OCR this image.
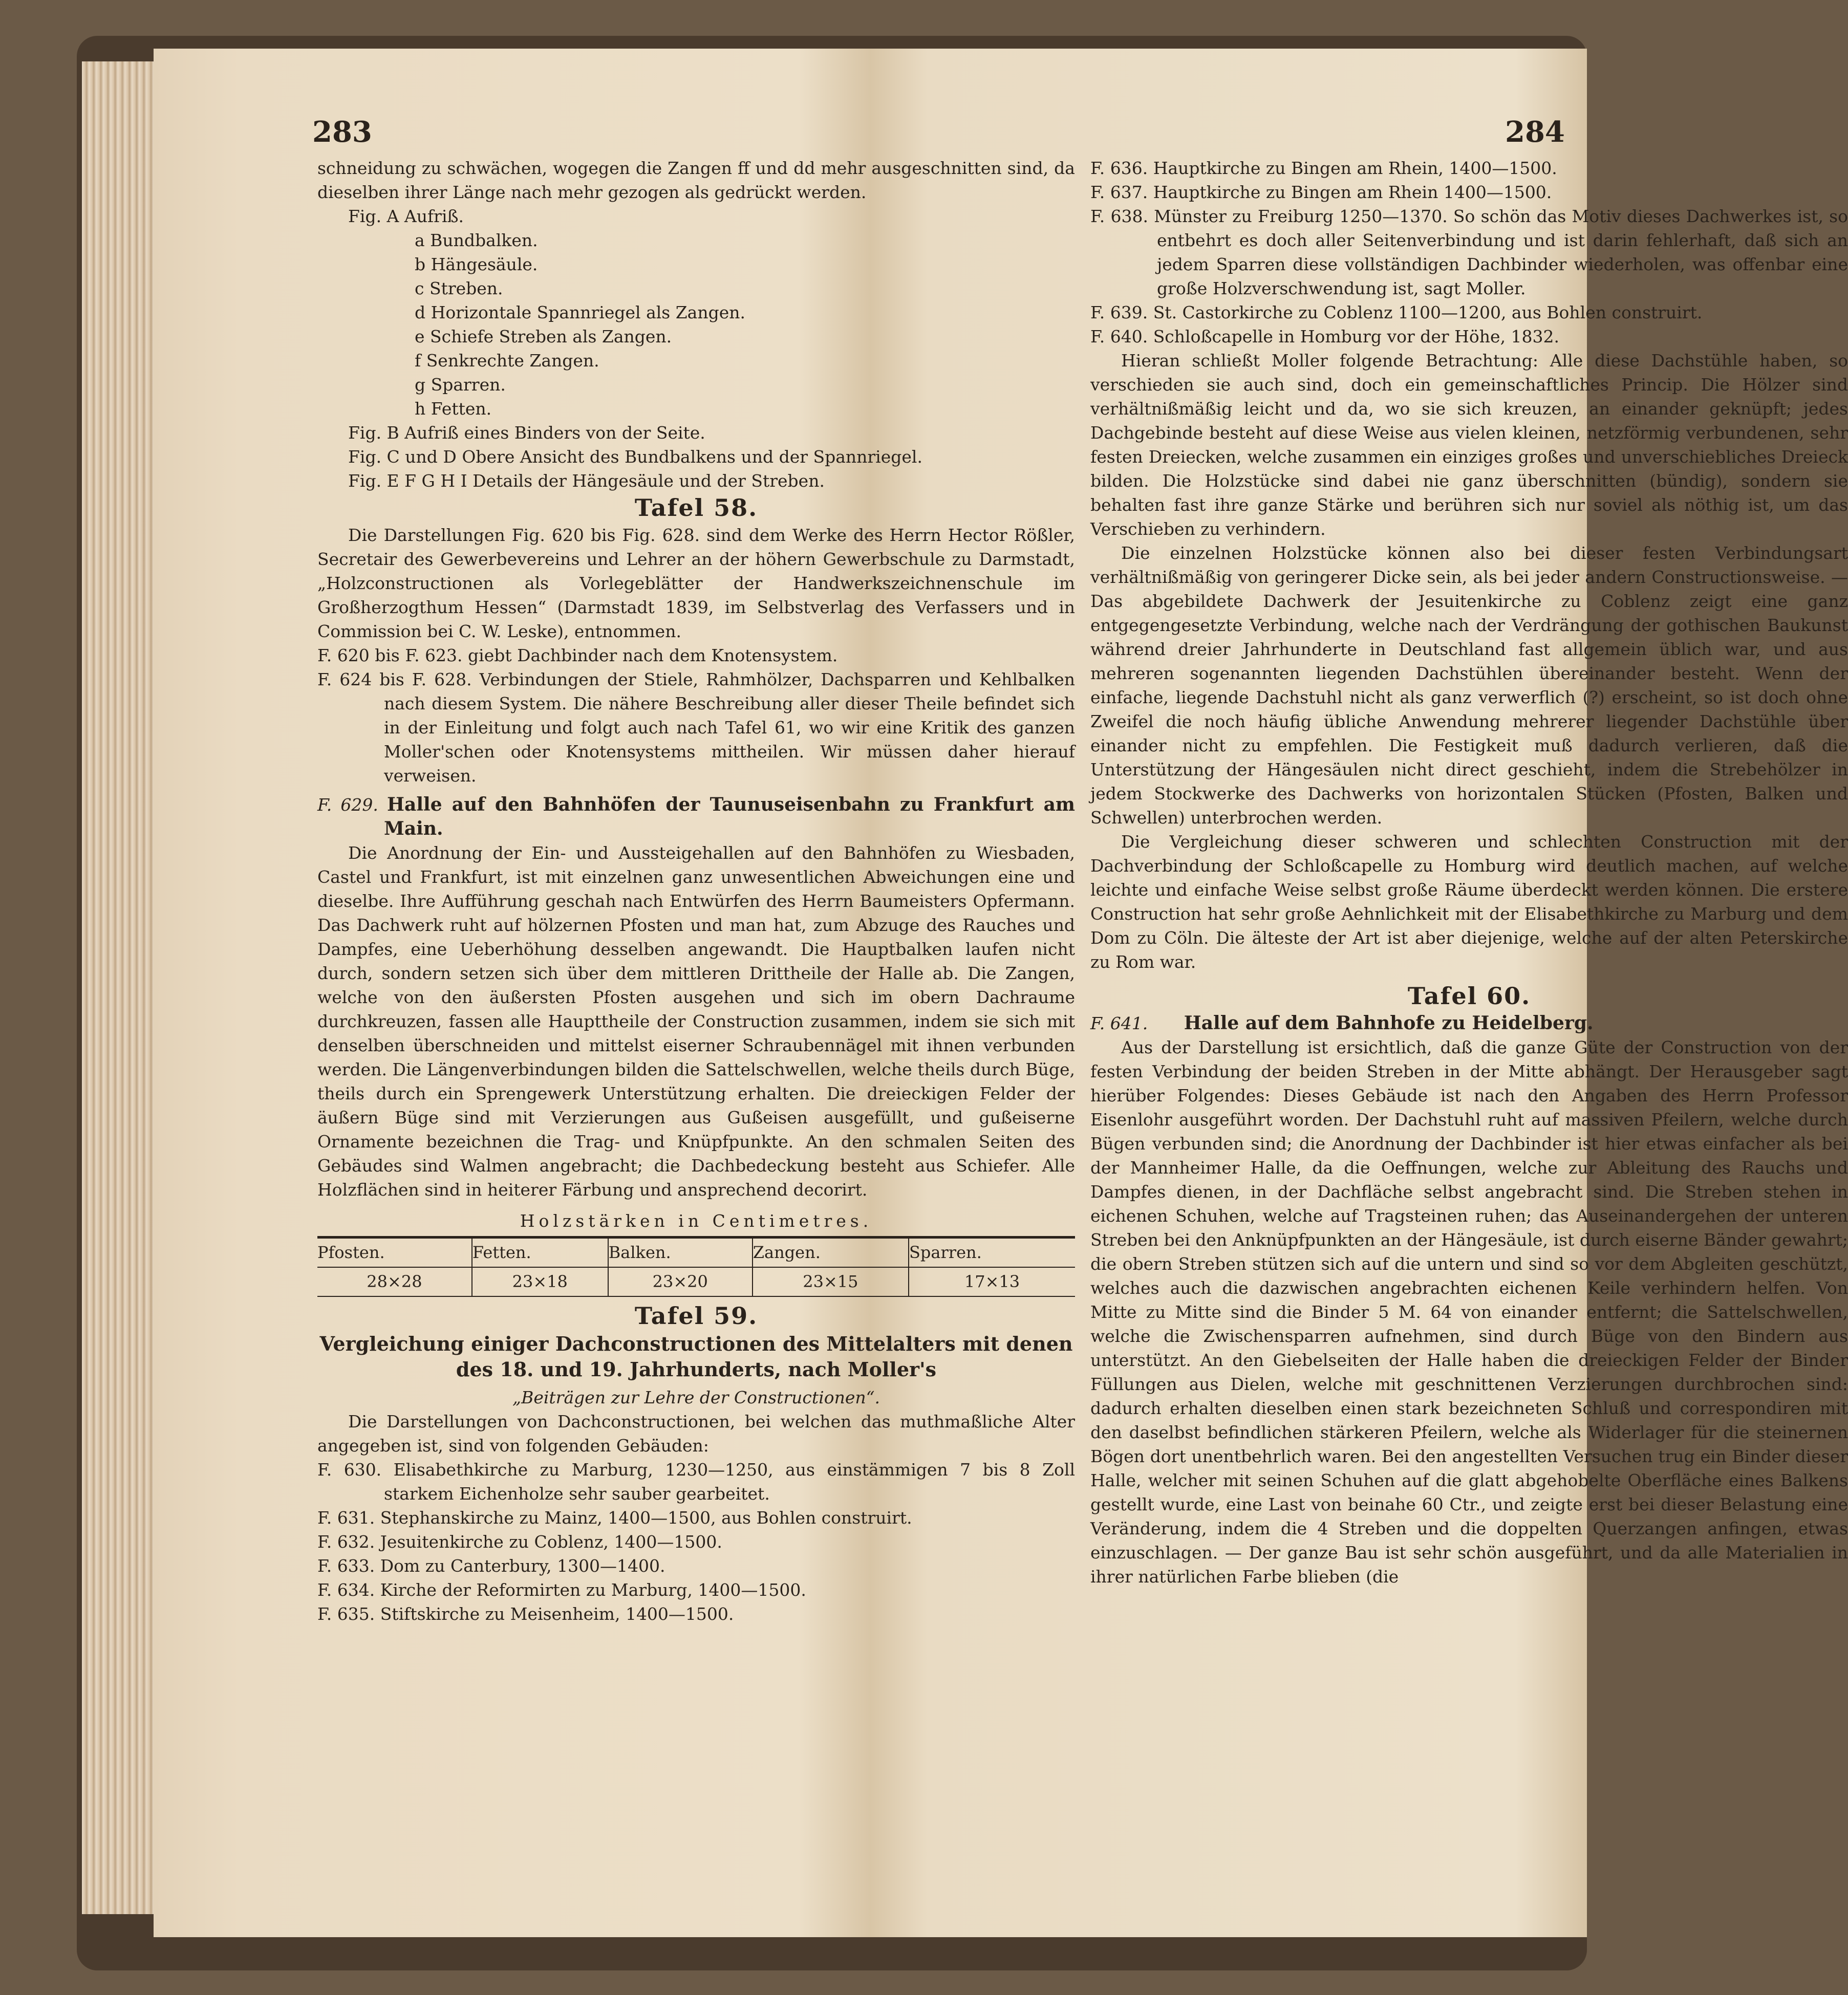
283	284

schneidung zu schwächen, wogegen die Zangen ff und dd mehr ausgeschnitten sind, da dieselben ihrer Länge nach mehr gezogen als gedrückt werden.

Fig. A Aufriß.

a Bundbalken.

b Hängesäule.

c Streben.

d Horizontale Spannriegel als Zangen.

e Schiefe Streben als Zangen.

f Senkrechte Zangen.

g Sparren.

h Fetten.

Fig. B Aufriß eines Binders von der Seite.

Fig. C und D Obere Ansicht des Bundbalkens und der Spannriegel.

Fig. E F G H I Details der Hängesäule und der Streben.

Tafel 58.

Die Darstellungen Fig. 620 bis Fig. 628. sind dem Werke des Herrn Hector Rößler, Secretair des Gewerbevereins und Lehrer an der höhern Gewerbschule zu Darmstadt, „Holzconstructionen als Vorlegeblätter der Handwerkszeichnenschule im Großherzogthum Hessen“ (Darmstadt 1839, im Selbstverlag des Verfassers und in Commission bei C. W. Leske), entnommen.

F. 620 bis F. 623. giebt Dachbinder nach dem Knotensystem.

F. 624 bis F. 628. Verbindungen der Stiele, Rahmhölzer, Dachsparren und Kehlbalken nach diesem System. Die nähere Beschreibung aller dieser Theile befindet sich in der Einleitung und folgt auch nach Tafel 61, wo wir eine Kritik des ganzen Moller'schen oder Knotensystems mittheilen. Wir müssen daher hierauf verweisen.

F. 629. Halle auf den Bahnhöfen der Taunuseisenbahn zu Frankfurt am Main.

Die Anordnung der Ein- und Aussteigehallen auf den Bahnhöfen zu Wiesbaden, Castel und Frankfurt, ist mit einzelnen ganz unwesentlichen Abweichungen eine und dieselbe. Ihre Aufführung geschah nach Entwürfen des Herrn Baumeisters Opfermann. Das Dachwerk ruht auf hölzernen Pfosten und man hat, zum Abzuge des Rauches und Dampfes, eine Ueberhöhung desselben angewandt. Die Hauptbalken laufen nicht durch, sondern setzen sich über dem mittleren Drittheile der Halle ab. Die Zangen, welche von den äußersten Pfosten ausgehen und sich im obern Dachraume durchkreuzen, fassen alle Haupttheile der Construction zusammen, indem sie sich mit denselben überschneiden und mittelst eiserner Schraubennägel mit ihnen verbunden werden. Die Längenverbindungen bilden die Sattelschwellen, welche theils durch Büge, theils durch ein Sprengewerk Unterstützung erhalten. Die dreieckigen Felder der äußern Büge sind mit Verzierungen aus Gußeisen ausgefüllt, und gußeiserne Ornamente bezeichnen die Trag- und Knüpfpunkte. An den schmalen Seiten des Gebäudes sind Walmen angebracht; die Dachbedeckung besteht aus Schiefer. Alle Holzflächen sind in heiterer Färbung und ansprechend decorirt.

Holzstärken in Centimetres.
Pfosten.	Fetten.	Balken.	Zangen.	Sparren.
28×28	23×18	23×20	23×15	17×13
Tafel 59.
Vergleichung einiger Dachconstructionen des Mittelalters mit denen des 18. und 19. Jahrhunderts, nach Moller's
„Beiträgen zur Lehre der Constructionen“.

Die Darstellungen von Dachconstructionen, bei welchen das muthmaßliche Alter angegeben ist, sind von folgenden Gebäuden:

F. 630. Elisabethkirche zu Marburg, 1230—1250, aus einstämmigen 7 bis 8 Zoll starkem Eichenholze sehr sauber gearbeitet.

F. 631. Stephanskirche zu Mainz, 1400—1500, aus Bohlen construirt.

F. 632. Jesuitenkirche zu Coblenz, 1400—1500.

F. 633. Dom zu Canterbury, 1300—1400.

F. 634. Kirche der Reformirten zu Marburg, 1400—1500.

F. 635. Stiftskirche zu Meisenheim, 1400—1500.

F. 636. Hauptkirche zu Bingen am Rhein, 1400—1500.

F. 637. Hauptkirche zu Bingen am Rhein 1400—1500.

F. 638. Münster zu Freiburg 1250—1370. So schön das Motiv dieses Dachwerkes ist, so entbehrt es doch aller Seitenverbindung und ist darin fehlerhaft, daß sich an jedem Sparren diese vollständigen Dachbinder wiederholen, was offenbar eine große Holzverschwendung ist, sagt Moller.

F. 639. St. Castorkirche zu Coblenz 1100—1200, aus Bohlen construirt.

F. 640. Schloßcapelle in Homburg vor der Höhe, 1832.

Hieran schließt Moller folgende Betrachtung: Alle diese Dachstühle haben, so verschieden sie auch sind, doch ein gemeinschaftliches Princip. Die Hölzer sind verhältnißmäßig leicht und da, wo sie sich kreuzen, an einander geknüpft; jedes Dachgebinde besteht auf diese Weise aus vielen kleinen, netzförmig verbundenen, sehr festen Dreiecken, welche zusammen ein einziges großes und unverschiebliches Dreieck bilden. Die Holzstücke sind dabei nie ganz überschnitten (bündig), sondern sie behalten fast ihre ganze Stärke und berühren sich nur soviel als nöthig ist, um das Verschieben zu verhindern.

Die einzelnen Holzstücke können also bei dieser festen Verbindungsart verhältnißmäßig von geringerer Dicke sein, als bei jeder andern Constructionsweise. — Das abgebildete Dachwerk der Jesuitenkirche zu Coblenz zeigt eine ganz entgegengesetzte Verbindung, welche nach der Verdrängung der gothischen Baukunst während dreier Jahrhunderte in Deutschland fast allgemein üblich war, und aus mehreren sogenannten liegenden Dachstühlen übereinander besteht. Wenn der einfache, liegende Dachstuhl nicht als ganz verwerflich (?) erscheint, so ist doch ohne Zweifel die noch häufig übliche Anwendung mehrerer liegender Dachstühle über einander nicht zu empfehlen. Die Festigkeit muß dadurch verlieren, daß die Unterstützung der Hängesäulen nicht direct geschieht, indem die Strebehölzer in jedem Stockwerke des Dachwerks von horizontalen Stücken (Pfosten, Balken und Schwellen) unterbrochen werden.

Die Vergleichung dieser schweren und schlechten Construction mit der Dachverbindung der Schloßcapelle zu Homburg wird deutlich machen, auf welche leichte und einfache Weise selbst große Räume überdeckt werden können. Die erstere Construction hat sehr große Aehnlichkeit mit der Elisabethkirche zu Marburg und dem Dom zu Cöln. Die älteste der Art ist aber diejenige, welche auf der alten Peterskirche zu Rom war.

Tafel 60.

F. 641. Halle auf dem Bahnhofe zu Heidelberg.

Aus der Darstellung ist ersichtlich, daß die ganze Güte der Construction von der festen Verbindung der beiden Streben in der Mitte abhängt. Der Herausgeber sagt hierüber Folgendes: Dieses Gebäude ist nach den Angaben des Herrn Professor Eisenlohr ausgeführt worden. Der Dachstuhl ruht auf massiven Pfeilern, welche durch Bügen verbunden sind; die Anordnung der Dachbinder ist hier etwas einfacher als bei der Mannheimer Halle, da die Oeffnungen, welche zur Ableitung des Rauchs und Dampfes dienen, in der Dachfläche selbst angebracht sind. Die Streben stehen in eichenen Schuhen, welche auf Tragsteinen ruhen; das Auseinandergehen der unteren Streben bei den Anknüpfpunkten an der Hängesäule, ist durch eiserne Bänder gewahrt; die obern Streben stützen sich auf die untern und sind so vor dem Abgleiten geschützt, welches auch die dazwischen angebrachten eichenen Keile verhindern helfen. Von Mitte zu Mitte sind die Binder 5 M. 64 von einander entfernt; die Sattelschwellen, welche die Zwischensparren aufnehmen, sind durch Büge von den Bindern aus unterstützt. An den Giebelseiten der Halle haben die dreieckigen Felder der Binder Füllungen aus Dielen, welche mit geschnittenen Verzierungen durchbrochen sind: dadurch erhalten dieselben einen stark bezeichneten Schluß und correspondiren mit den daselbst befindlichen stärkeren Pfeilern, welche als Widerlager für die steinernen Bögen dort unentbehrlich waren. Bei den angestellten Versuchen trug ein Binder dieser Halle, welcher mit seinen Schuhen auf die glatt abgehobelte Oberfläche eines Balkens gestellt wurde, eine Last von beinahe 60 Ctr., und zeigte erst bei dieser Belastung eine Veränderung, indem die 4 Streben und die doppelten Querzangen anfingen, etwas einzuschlagen. — Der ganze Bau ist sehr schön ausgeführt, und da alle Materialien in ihrer natürlichen Farbe blieben (die
